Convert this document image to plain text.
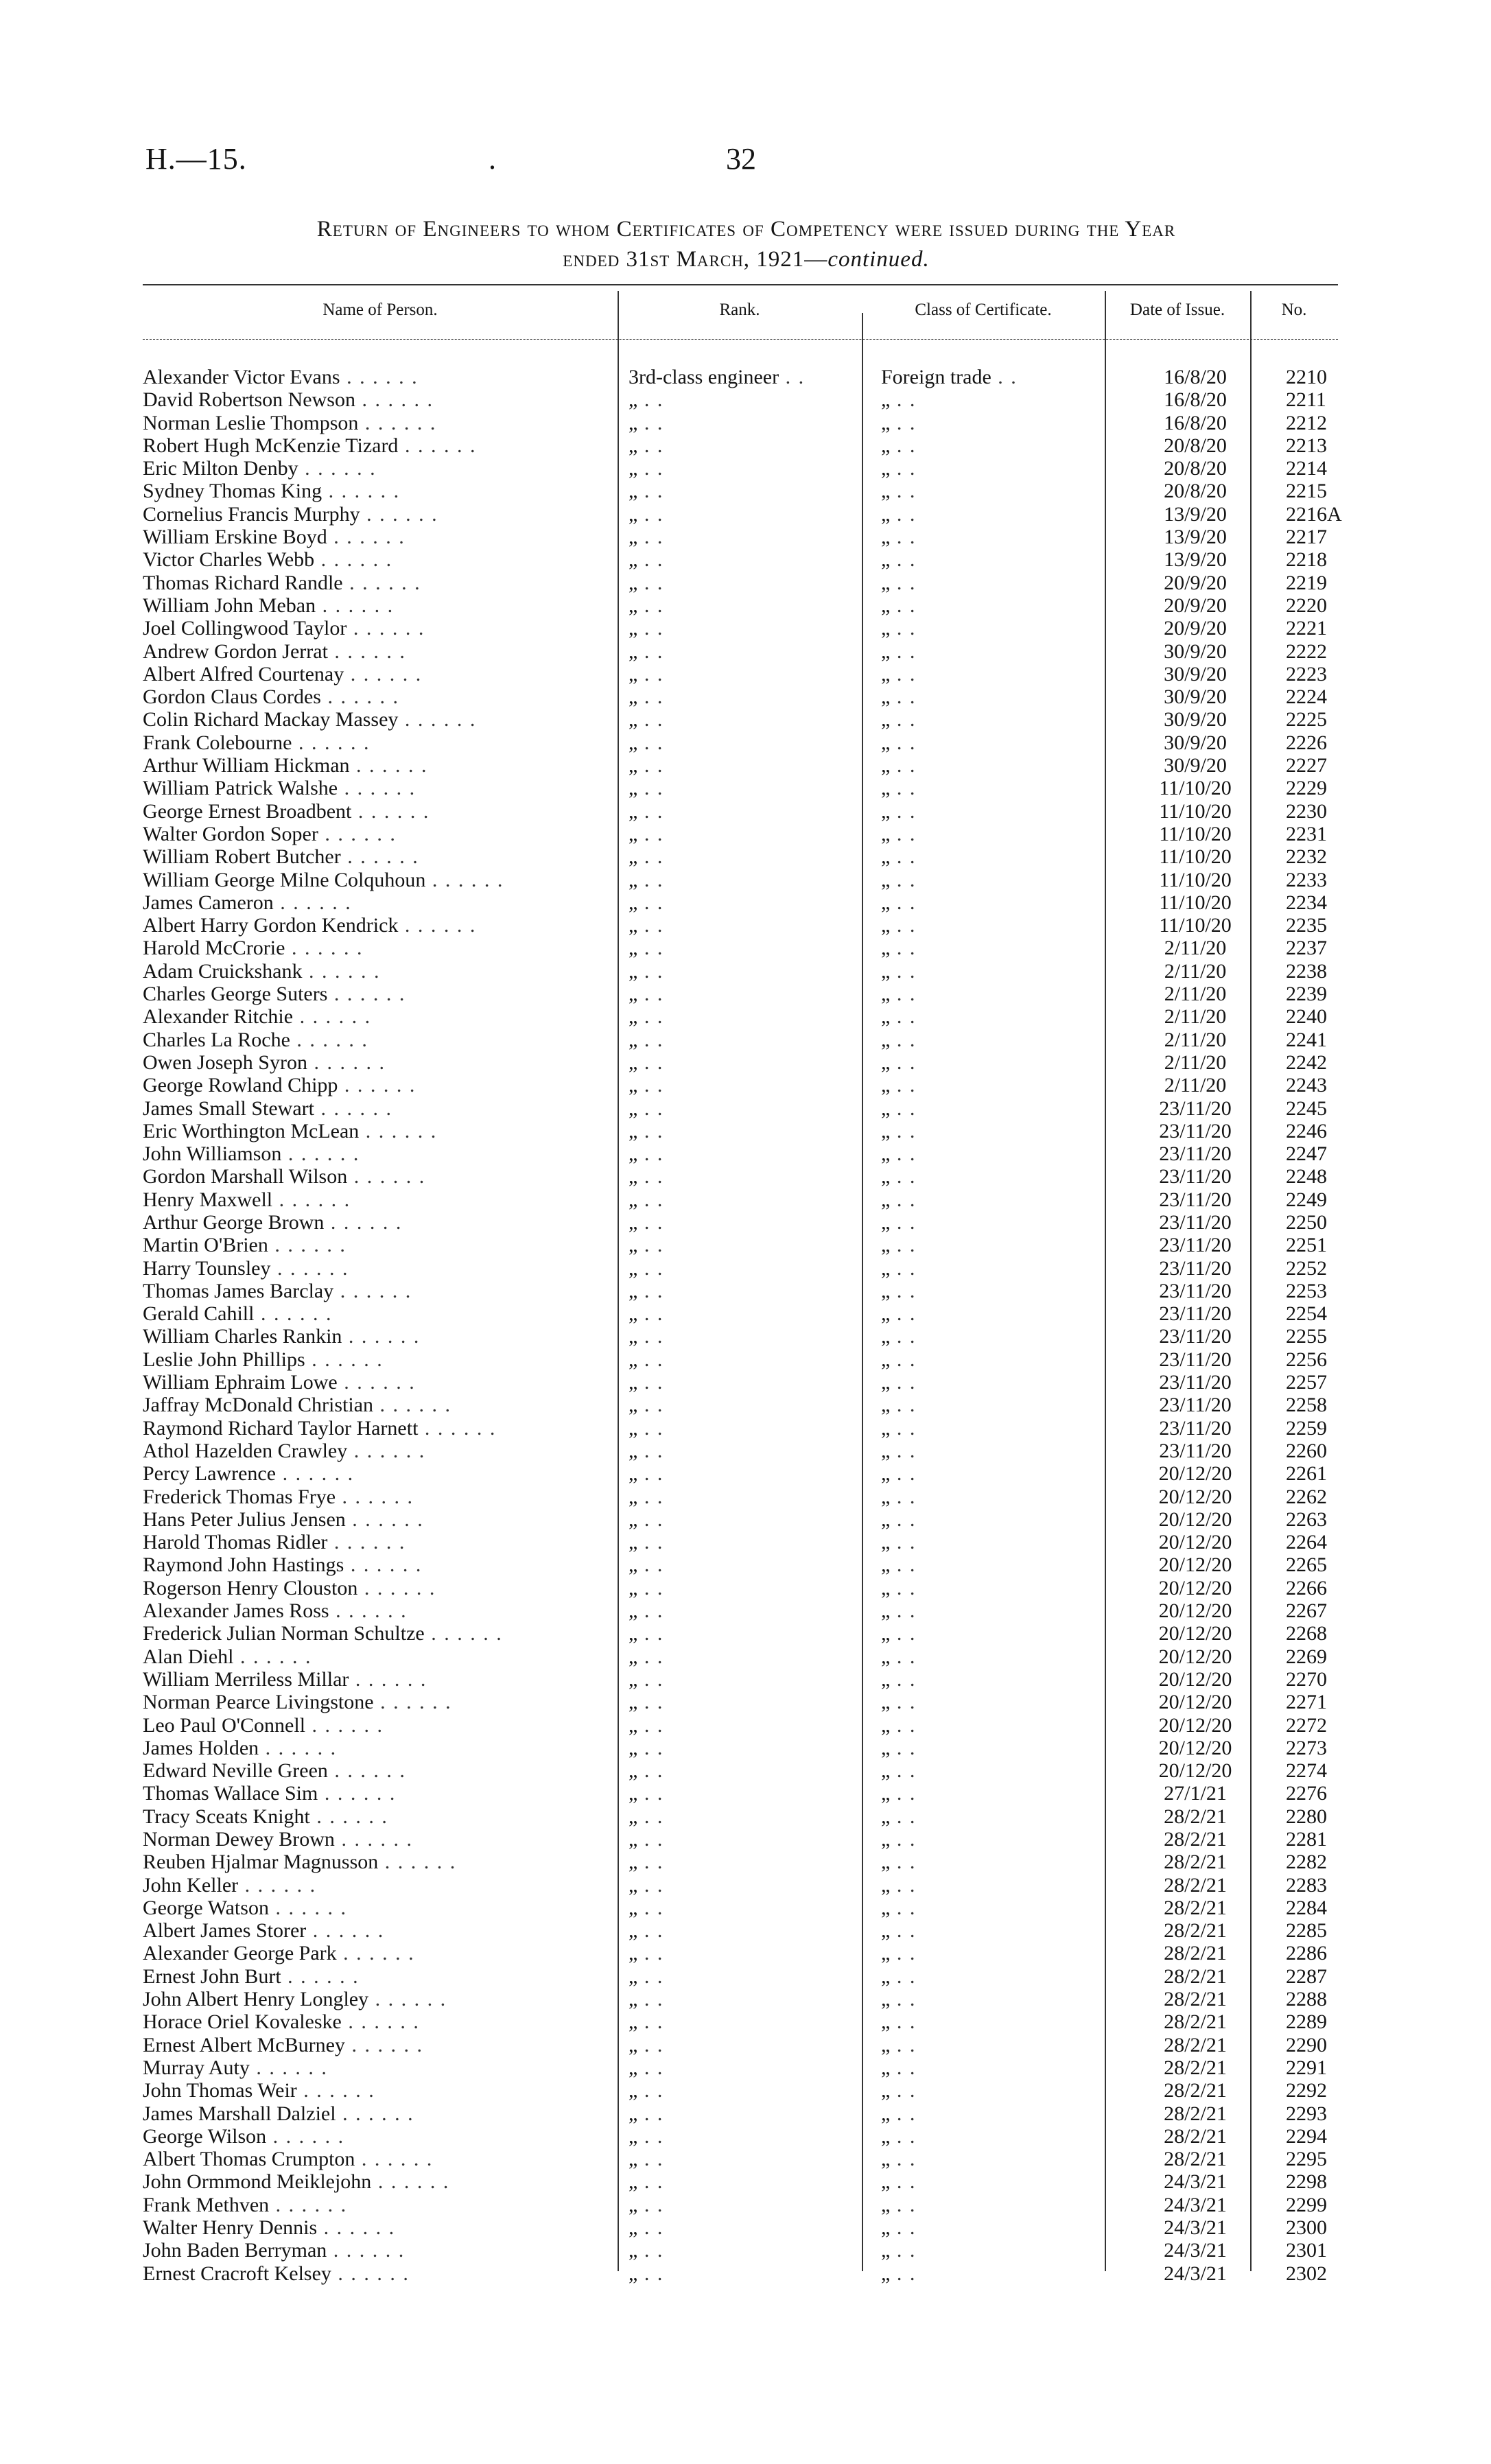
H.—15.	.	32
Return of Engineers to whom Certificates of Competency were issued during the Year
ended 31st March, 1921—continued.
Name of Person.	Rank.	Class of Certificate.	Date of Issue.	No.
Alexander Victor Evans . . . . . .	3rd-class engineer . .	Foreign trade . .	16/8/20	2210
David Robertson Newson . . . . . .	„ . .	„ . .	16/8/20	2211
Norman Leslie Thompson . . . . . .	„ . .	„ . .	16/8/20	2212
Robert Hugh McKenzie Tizard . . . . . .	„ . .	„ . .	20/8/20	2213
Eric Milton Denby . . . . . .	„ . .	„ . .	20/8/20	2214
Sydney Thomas King . . . . . .	„ . .	„ . .	20/8/20	2215
Cornelius Francis Murphy . . . . . .	„ . .	„ . .	13/9/20	2216A
William Erskine Boyd . . . . . .	„ . .	„ . .	13/9/20	2217
Victor Charles Webb . . . . . .	„ . .	„ . .	13/9/20	2218
Thomas Richard Randle . . . . . .	„ . .	„ . .	20/9/20	2219
William John Meban . . . . . .	„ . .	„ . .	20/9/20	2220
Joel Collingwood Taylor . . . . . .	„ . .	„ . .	20/9/20	2221
Andrew Gordon Jerrat . . . . . .	„ . .	„ . .	30/9/20	2222
Albert Alfred Courtenay . . . . . .	„ . .	„ . .	30/9/20	2223
Gordon Claus Cordes . . . . . .	„ . .	„ . .	30/9/20	2224
Colin Richard Mackay Massey . . . . . .	„ . .	„ . .	30/9/20	2225
Frank Colebourne . . . . . .	„ . .	„ . .	30/9/20	2226
Arthur William Hickman . . . . . .	„ . .	„ . .	30/9/20	2227
William Patrick Walshe . . . . . .	„ . .	„ . .	11/10/20	2229
George Ernest Broadbent . . . . . .	„ . .	„ . .	11/10/20	2230
Walter Gordon Soper . . . . . .	„ . .	„ . .	11/10/20	2231
William Robert Butcher . . . . . .	„ . .	„ . .	11/10/20	2232
William George Milne Colquhoun . . . . . .	„ . .	„ . .	11/10/20	2233
James Cameron . . . . . .	„ . .	„ . .	11/10/20	2234
Albert Harry Gordon Kendrick . . . . . .	„ . .	„ . .	11/10/20	2235
Harold McCrorie . . . . . .	„ . .	„ . .	2/11/20	2237
Adam Cruickshank . . . . . .	„ . .	„ . .	2/11/20	2238
Charles George Suters . . . . . .	„ . .	„ . .	2/11/20	2239
Alexander Ritchie . . . . . .	„ . .	„ . .	2/11/20	2240
Charles La Roche . . . . . .	„ . .	„ . .	2/11/20	2241
Owen Joseph Syron . . . . . .	„ . .	„ . .	2/11/20	2242
George Rowland Chipp . . . . . .	„ . .	„ . .	2/11/20	2243
James Small Stewart . . . . . .	„ . .	„ . .	23/11/20	2245
Eric Worthington McLean . . . . . .	„ . .	„ . .	23/11/20	2246
John Williamson . . . . . .	„ . .	„ . .	23/11/20	2247
Gordon Marshall Wilson . . . . . .	„ . .	„ . .	23/11/20	2248
Henry Maxwell . . . . . .	„ . .	„ . .	23/11/20	2249
Arthur George Brown . . . . . .	„ . .	„ . .	23/11/20	2250
Martin O'Brien . . . . . .	„ . .	„ . .	23/11/20	2251
Harry Tounsley . . . . . .	„ . .	„ . .	23/11/20	2252
Thomas James Barclay . . . . . .	„ . .	„ . .	23/11/20	2253
Gerald Cahill . . . . . .	„ . .	„ . .	23/11/20	2254
William Charles Rankin . . . . . .	„ . .	„ . .	23/11/20	2255
Leslie John Phillips . . . . . .	„ . .	„ . .	23/11/20	2256
William Ephraim Lowe . . . . . .	„ . .	„ . .	23/11/20	2257
Jaffray McDonald Christian . . . . . .	„ . .	„ . .	23/11/20	2258
Raymond Richard Taylor Harnett . . . . . .	„ . .	„ . .	23/11/20	2259
Athol Hazelden Crawley . . . . . .	„ . .	„ . .	23/11/20	2260
Percy Lawrence . . . . . .	„ . .	„ . .	20/12/20	2261
Frederick Thomas Frye . . . . . .	„ . .	„ . .	20/12/20	2262
Hans Peter Julius Jensen . . . . . .	„ . .	„ . .	20/12/20	2263
Harold Thomas Ridler . . . . . .	„ . .	„ . .	20/12/20	2264
Raymond John Hastings . . . . . .	„ . .	„ . .	20/12/20	2265
Rogerson Henry Clouston . . . . . .	„ . .	„ . .	20/12/20	2266
Alexander James Ross . . . . . .	„ . .	„ . .	20/12/20	2267
Frederick Julian Norman Schultze . . . . . .	„ . .	„ . .	20/12/20	2268
Alan Diehl . . . . . .	„ . .	„ . .	20/12/20	2269
William Merriless Millar . . . . . .	„ . .	„ . .	20/12/20	2270
Norman Pearce Livingstone . . . . . .	„ . .	„ . .	20/12/20	2271
Leo Paul O'Connell . . . . . .	„ . .	„ . .	20/12/20	2272
James Holden . . . . . .	„ . .	„ . .	20/12/20	2273
Edward Neville Green . . . . . .	„ . .	„ . .	20/12/20	2274
Thomas Wallace Sim . . . . . .	„ . .	„ . .	27/1/21	2276
Tracy Sceats Knight . . . . . .	„ . .	„ . .	28/2/21	2280
Norman Dewey Brown . . . . . .	„ . .	„ . .	28/2/21	2281
Reuben Hjalmar Magnusson . . . . . .	„ . .	„ . .	28/2/21	2282
John Keller . . . . . .	„ . .	„ . .	28/2/21	2283
George Watson . . . . . .	„ . .	„ . .	28/2/21	2284
Albert James Storer . . . . . .	„ . .	„ . .	28/2/21	2285
Alexander George Park . . . . . .	„ . .	„ . .	28/2/21	2286
Ernest John Burt . . . . . .	„ . .	„ . .	28/2/21	2287
John Albert Henry Longley . . . . . .	„ . .	„ . .	28/2/21	2288
Horace Oriel Kovaleske . . . . . .	„ . .	„ . .	28/2/21	2289
Ernest Albert McBurney . . . . . .	„ . .	„ . .	28/2/21	2290
Murray Auty . . . . . .	„ . .	„ . .	28/2/21	2291
John Thomas Weir . . . . . .	„ . .	„ . .	28/2/21	2292
James Marshall Dalziel . . . . . .	„ . .	„ . .	28/2/21	2293
George Wilson . . . . . .	„ . .	„ . .	28/2/21	2294
Albert Thomas Crumpton . . . . . .	„ . .	„ . .	28/2/21	2295
John Ormmond Meiklejohn . . . . . .	„ . .	„ . .	24/3/21	2298
Frank Methven . . . . . .	„ . .	„ . .	24/3/21	2299
Walter Henry Dennis . . . . . .	„ . .	„ . .	24/3/21	2300
John Baden Berryman . . . . . .	„ . .	„ . .	24/3/21	2301
Ernest Cracroft Kelsey . . . . . .	„ . .	„ . .	24/3/21	2302
